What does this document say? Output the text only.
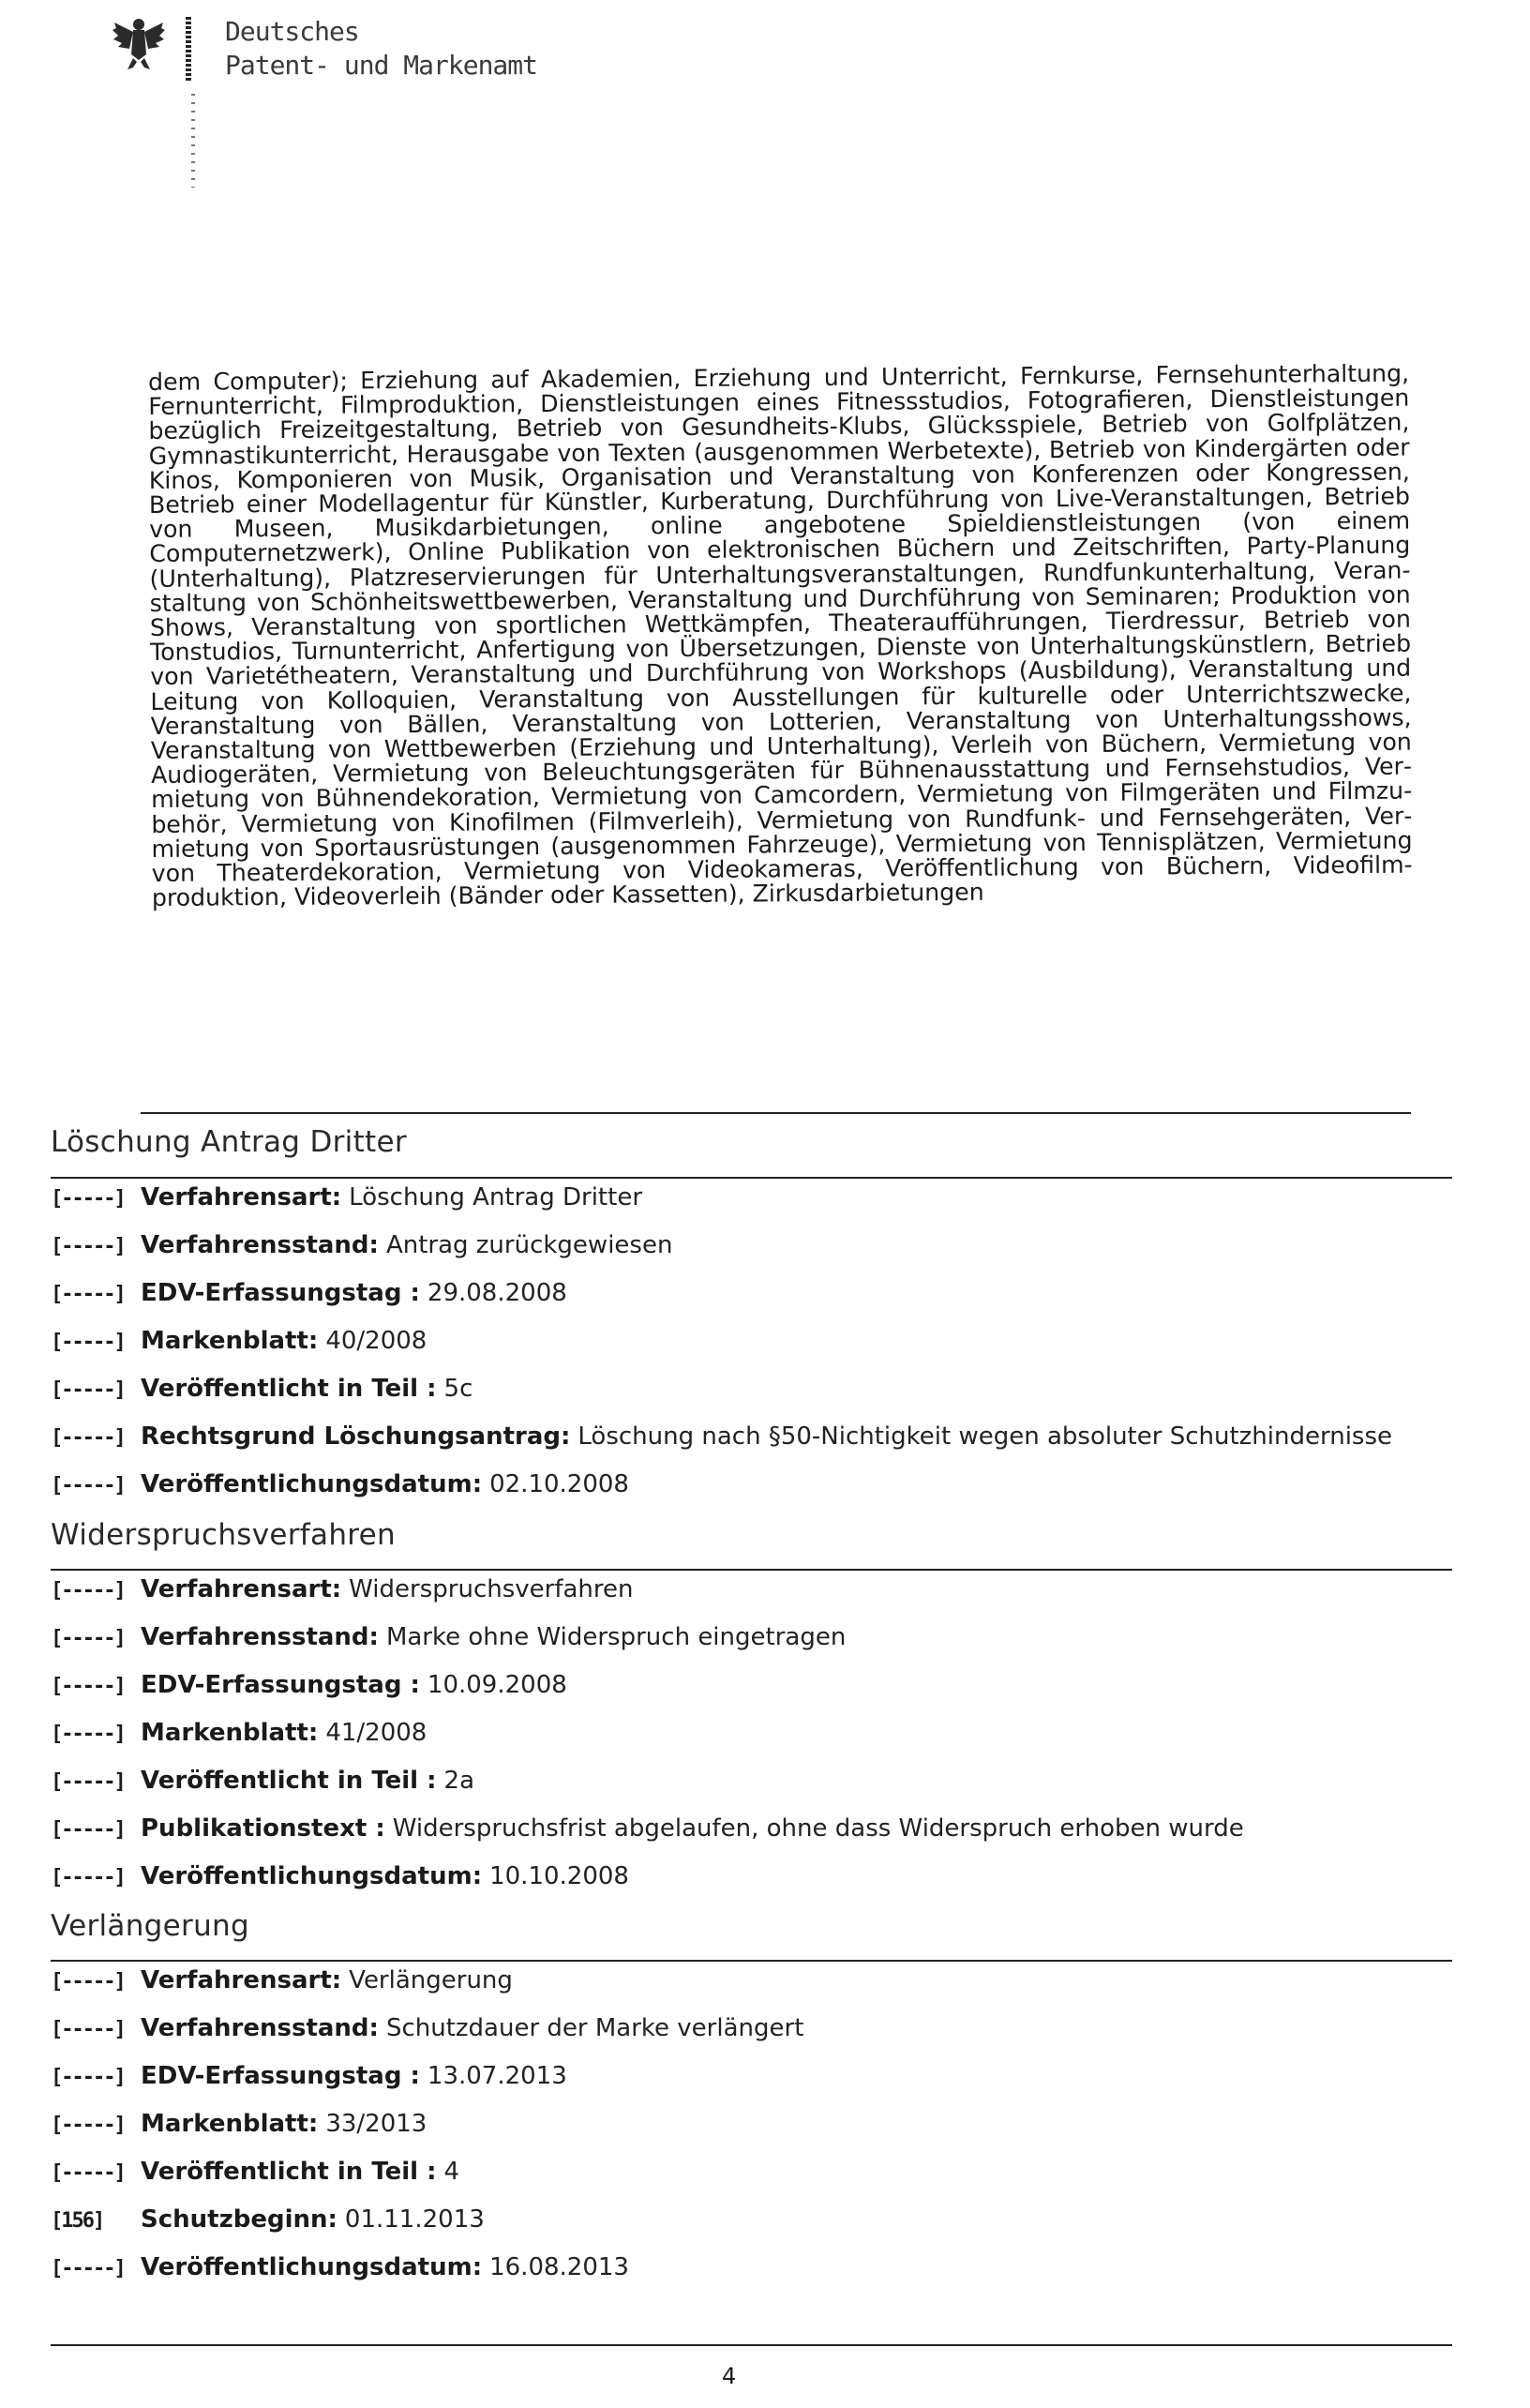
Deutsches
Patent- und Markenamt
dem Computer); Erziehung auf Akademien, Erziehung und Unterricht, Fernkurse, Fernsehunterhaltung, Fernunterricht, Filmproduktion, Dienstleistungen eines Fitnessstudios, Fotografieren, Dienstleistungen bezüglich Freizeitgestaltung, Betrieb von Gesundheits-Klubs, Glücksspiele, Betrieb von Golfplätzen, Gymnastikunterricht, Herausgabe von Texten (ausgenommen Werbetexte), Betrieb von Kindergärten oder Kinos, Komponieren von Musik, Organisation und Veranstaltung von Konferenzen oder Kongressen, Betrieb einer Modellagentur für Künstler, Kurberatung, Durchführung von Live-Veranstaltungen, Betrieb von Museen, Musikdarbietungen, online angebotene Spieldienstleistungen (von einem Computernetzwerk), Online Publikation von elektronischen Büchern und Zeitschriften, Party-Planung (Unterhaltung), Platzreservierungen für Unterhaltungsveranstaltungen, Rundfunkunterhaltung, Veranstaltung von Schönheitswettbewerben, Veranstaltung und Durchführung von Seminaren; Produktion von Shows, Veranstaltung von sportlichen Wettkämpfen, Theateraufführungen, Tierdressur, Betrieb von Tonstudios, Turnunterricht, Anfertigung von Übersetzungen, Dienste von Unterhaltungskünstlern, Betrieb von Varietétheatern, Veranstaltung und Durchführung von Workshops (Ausbildung), Veranstaltung und Leitung von Kolloquien, Veranstaltung von Ausstellungen für kulturelle oder Unterrichtszwecke, Veranstaltung von Bällen, Veranstaltung von Lotterien, Veranstaltung von Unterhaltungsshows, Veranstaltung von Wettbewerben (Erziehung und Unterhaltung), Verleih von Büchern, Vermietung von Audiogeräten, Vermietung von Beleuchtungsgeräten für Bühnenausstattung und Fernsehstudios, Vermietung von Bühnendekoration, Vermietung von Camcordern, Vermietung von Filmgeräten und Filmzubehör, Vermietung von Kinofilmen (Filmverleih), Vermietung von Rundfunk- und Fernsehgeräten, Vermietung von Sportausrüstungen (ausgenommen Fahrzeuge), Vermietung von Tennisplätzen, Vermietung von Theaterdekoration, Vermietung von Videokameras, Veröffentlichung von Büchern, Videofilmproduktion, Videoverleih (Bänder oder Kassetten), Zirkusdarbietungen
Löschung Antrag Dritter
[-----] Verfahrensart: Löschung Antrag Dritter
[-----] Verfahrensstand: Antrag zurückgewiesen
[-----] EDV-Erfassungstag : 29.08.2008
[-----] Markenblatt: 40/2008
[-----] Veröffentlicht in Teil : 5c
[-----] Rechtsgrund Löschungsantrag: Löschung nach §50-Nichtigkeit wegen absoluter Schutzhindernisse
[-----] Veröffentlichungsdatum: 02.10.2008
Widerspruchsverfahren
[-----] Verfahrensart: Widerspruchsverfahren
[-----] Verfahrensstand: Marke ohne Widerspruch eingetragen
[-----] EDV-Erfassungstag : 10.09.2008
[-----] Markenblatt: 41/2008
[-----] Veröffentlicht in Teil : 2a
[-----] Publikationstext : Widerspruchsfrist abgelaufen, ohne dass Widerspruch erhoben wurde
[-----] Veröffentlichungsdatum: 10.10.2008
Verlängerung
[-----] Verfahrensart: Verlängerung
[-----] Verfahrensstand: Schutzdauer der Marke verlängert
[-----] EDV-Erfassungstag : 13.07.2013
[-----] Markenblatt: 33/2013
[-----] Veröffentlicht in Teil : 4
[156] Schutzbeginn: 01.11.2013
[-----] Veröffentlichungsdatum: 16.08.2013
4
